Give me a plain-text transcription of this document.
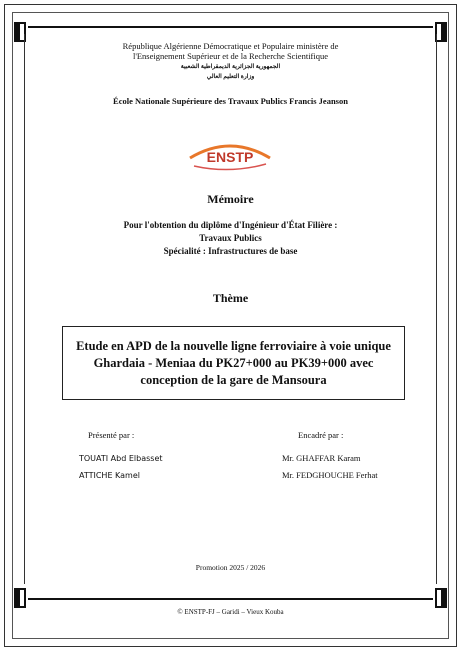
République Algérienne Démocratique et Populaire ministère de
l'Enseignement Supérieur et de la Recherche Scientifique
الجمهورية الجزائرية الديمقراطية الشعبية
وزارة التعليم العالي
École Nationale Supérieure des Travaux Publics Francis Jeanson
ENSTP
Mémoire
Pour l'obtention du diplôme d'Ingénieur d'État Filière :
Travaux Publics
Spécialité : Infrastructures de base
Thème
Etude en APD de la nouvelle ligne ferroviaire à voie unique Ghardaia - Meniaa du PK27+000 au PK39+000 avec conception de la gare de Mansoura
Présenté par :	Encadré par :
TOUATI Abd Elbasset
ATTICHE Kamel
Mr. GHAFFAR Karam
Mr. FEDGHOUCHE Ferhat
Promotion 2025 / 2026
© ENSTP-FJ – Garidi – Vieux Kouba
